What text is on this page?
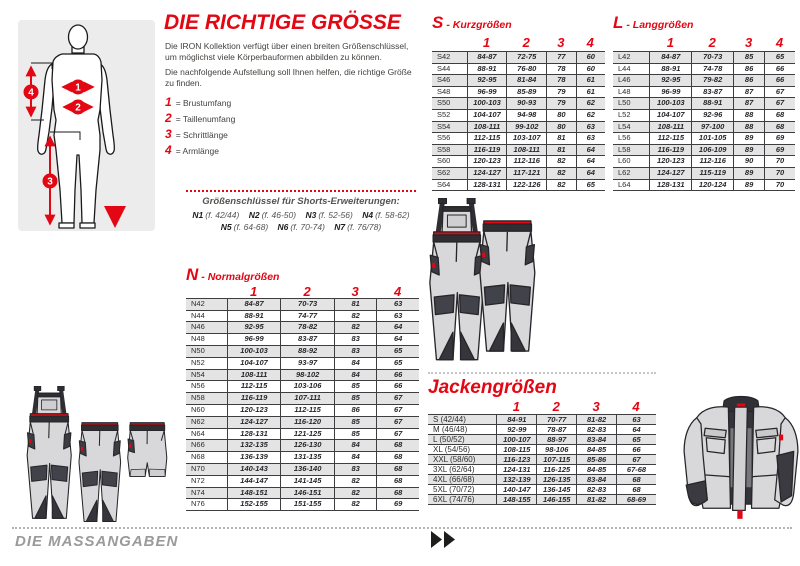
1
2
3
4
DIE RICHTIGE GRÖSSE

Die IRON Kollektion verfügt über einen breiten Größenschlüssel, um möglichst viele Körperbauformen abbilden zu können.

Die nachfolgende Aufstellung soll Ihnen helfen, die richtige Größe zu finden.

1 = Brustumfang
2 = Taillenumfang
3 = Schrittlänge
4 = Armlänge
Größenschlüssel für Shorts-Erweiterungen:
N1 (f. 42/44) N2 (f. 46-50) N3 (f. 52-56) N4 (f. 58-62)
N5 (f. 64-68) N6 (f. 70-74) N7 (f. 76/78)
S - Kurzgrößen
1	2	3	4
S42	84-87	72-75	77	60
S44	88-91	76-80	78	60
S46	92-95	81-84	78	61
S48	96-99	85-89	79	61
S50	100-103	90-93	79	62
S52	104-107	94-98	80	62
S54	108-111	99-102	80	63
S56	112-115	103-107	81	63
S58	116-119	108-111	81	64
S60	120-123	112-116	82	64
S62	124-127	117-121	82	64
S64	128-131	122-126	82	65
L - Langgrößen
1	2	3	4
L42	84-87	70-73	85	65
L44	88-91	74-78	86	66
L46	92-95	79-82	86	66
L48	96-99	83-87	87	67
L50	100-103	88-91	87	67
L52	104-107	92-96	88	68
L54	108-111	97-100	88	68
L56	112-115	101-105	89	69
L58	116-119	106-109	89	69
L60	120-123	112-116	90	70
L62	124-127	115-119	89	70
L64	128-131	120-124	89	70
N - Normalgrößen
1	2	3	4
N42	84-87	70-73	81	63
N44	88-91	74-77	82	63
N46	92-95	78-82	82	64
N48	96-99	83-87	83	64
N50	100-103	88-92	83	65
N52	104-107	93-97	84	65
N54	108-111	98-102	84	66
N56	112-115	103-106	85	66
N58	116-119	107-111	85	67
N60	120-123	112-115	86	67
N62	124-127	116-120	85	67
N64	128-131	121-125	85	67
N66	132-135	126-130	84	68
N68	136-139	131-135	84	68
N70	140-143	136-140	83	68
N72	144-147	141-145	82	68
N74	148-151	146-151	82	68
N76	152-155	151-155	82	69
Jackengrößen
1	2	3	4
S (42/44)	84-91	70-77	81-82	63
M (46/48)	92-99	78-87	82-83	64
L (50/52)	100-107	88-97	83-84	65
XL (54/56)	108-115	98-106	84-85	66
XXL (58/60)	116-123	107-115	85-86	67
3XL (62/64)	124-131	116-125	84-85	67-68
4XL (66/68)	132-139	126-135	83-84	68
5XL (70/72)	140-147	136-145	82-83	68
6XL (74/76)	148-155	146-155	81-82	68-69
DIE MASSANGABEN
